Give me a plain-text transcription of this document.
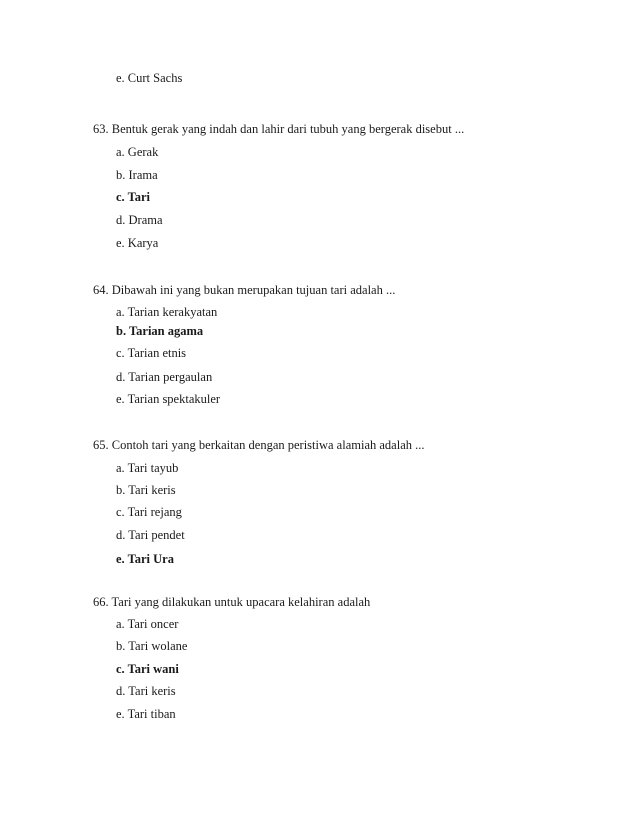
e. Curt Sachs
63. Bentuk gerak yang indah dan lahir dari tubuh yang bergerak disebut ...
a. Gerak
b. Irama
c. Tari
d. Drama
e. Karya
64. Dibawah ini yang bukan merupakan tujuan tari adalah ...
a. Tarian kerakyatan
b. Tarian agama
c. Tarian etnis
d. Tarian pergaulan
e. Tarian spektakuler
65. Contoh tari yang berkaitan dengan peristiwa alamiah adalah ...
a. Tari tayub
b. Tari keris
c. Tari rejang
d. Tari pendet
e. Tari Ura
66. Tari yang dilakukan untuk upacara kelahiran adalah
a. Tari oncer
b. Tari wolane
c. Tari wani
d. Tari keris
e. Tari tiban
